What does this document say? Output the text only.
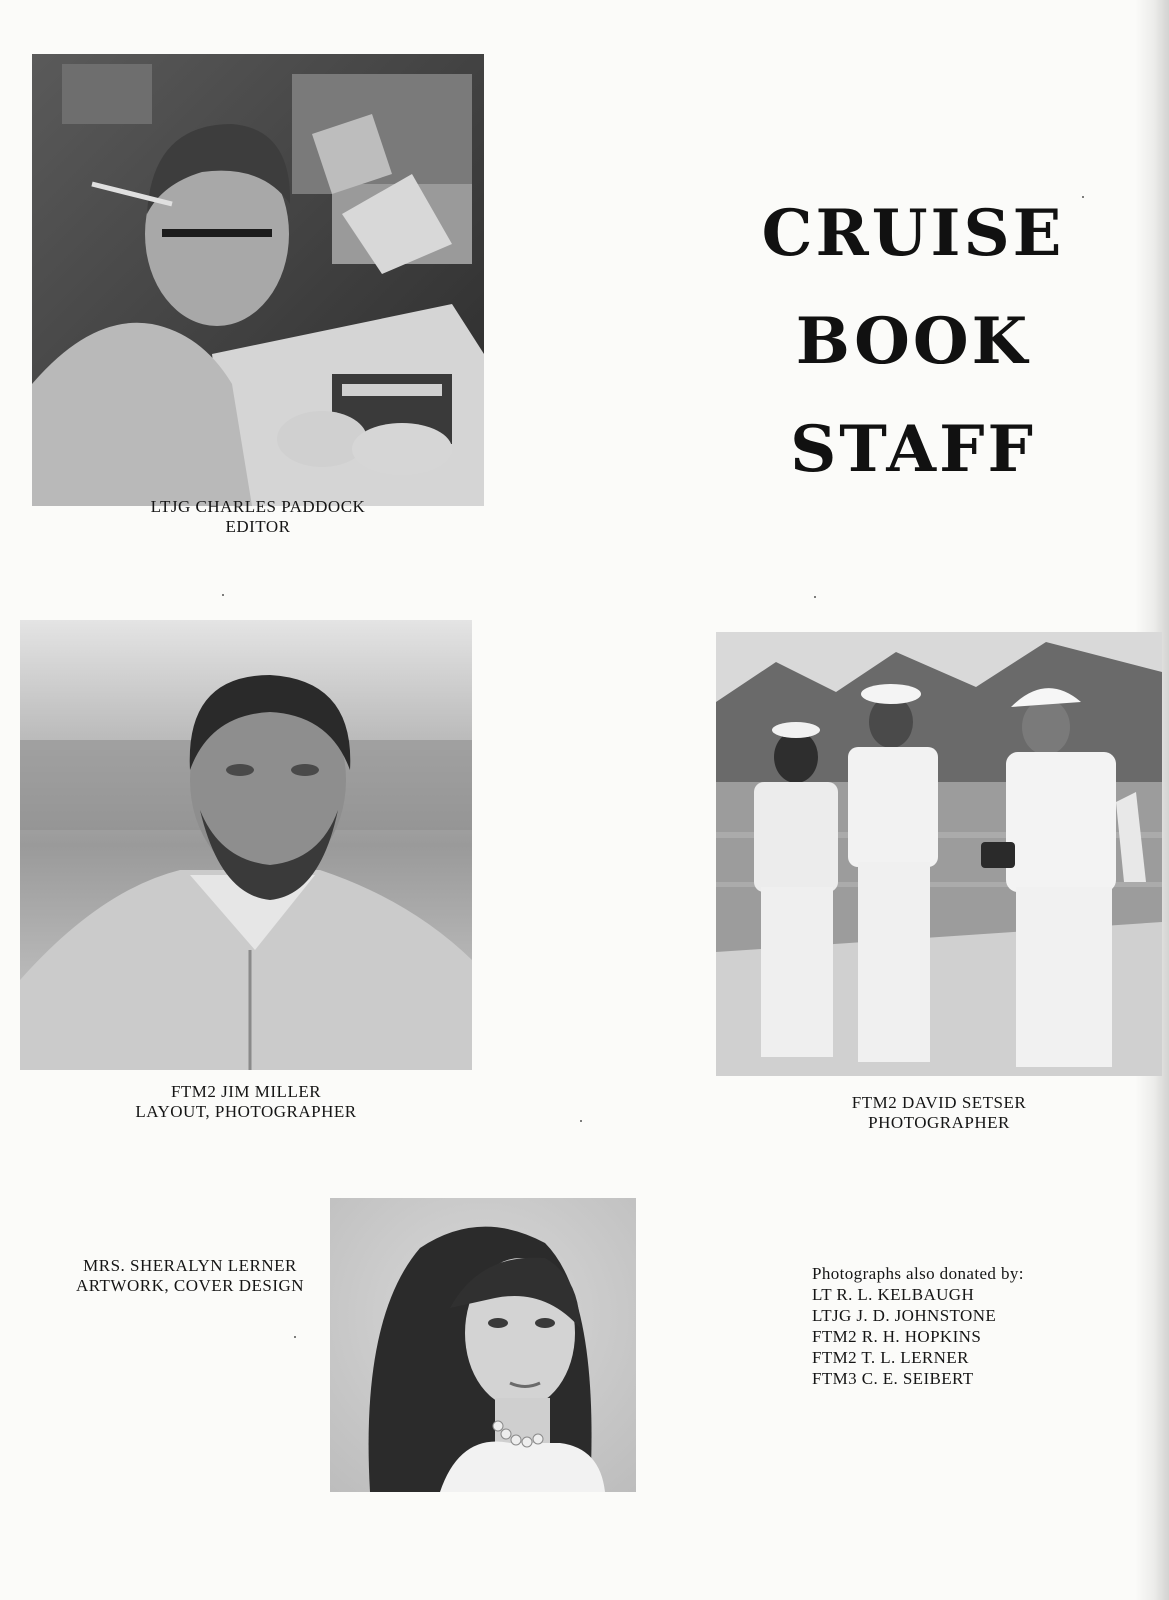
LTJG CHARLES PADDOCK
EDITOR
CRUISE
BOOK
STAFF
FTM2 JIM MILLER
LAYOUT, PHOTOGRAPHER	FTM2 DAVID SETSER
PHOTOGRAPHER
MRS. SHERALYN LERNER
ARTWORK, COVER DESIGN
Photographs also donated by:
LT R. L. KELBAUGH
LTJG J. D. JOHNSTONE
FTM2 R. H. HOPKINS
FTM2 T. L. LERNER
FTM3 C. E. SEIBERT
